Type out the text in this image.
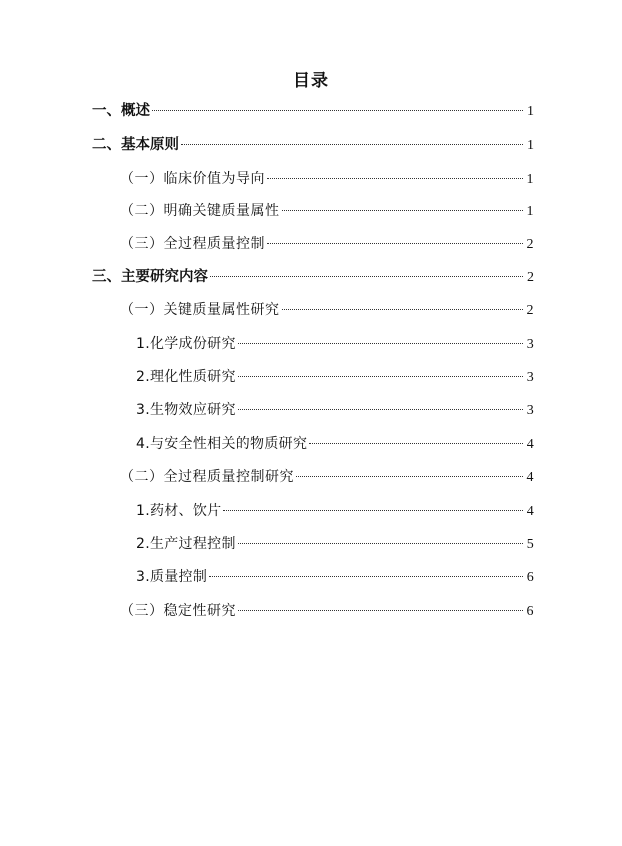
目录
一、概述	1
二、基本原则	1
（一）临床价值为导向	1
（二）明确关键质量属性	1
（三）全过程质量控制	2
三、主要研究内容	2
（一）关键质量属性研究	2
1.化学成份研究	3
2.理化性质研究	3
3.生物效应研究	3
4.与安全性相关的物质研究	4
（二）全过程质量控制研究	4
1.药材、饮片	4
2.生产过程控制	5
3.质量控制	6
（三）稳定性研究	6
